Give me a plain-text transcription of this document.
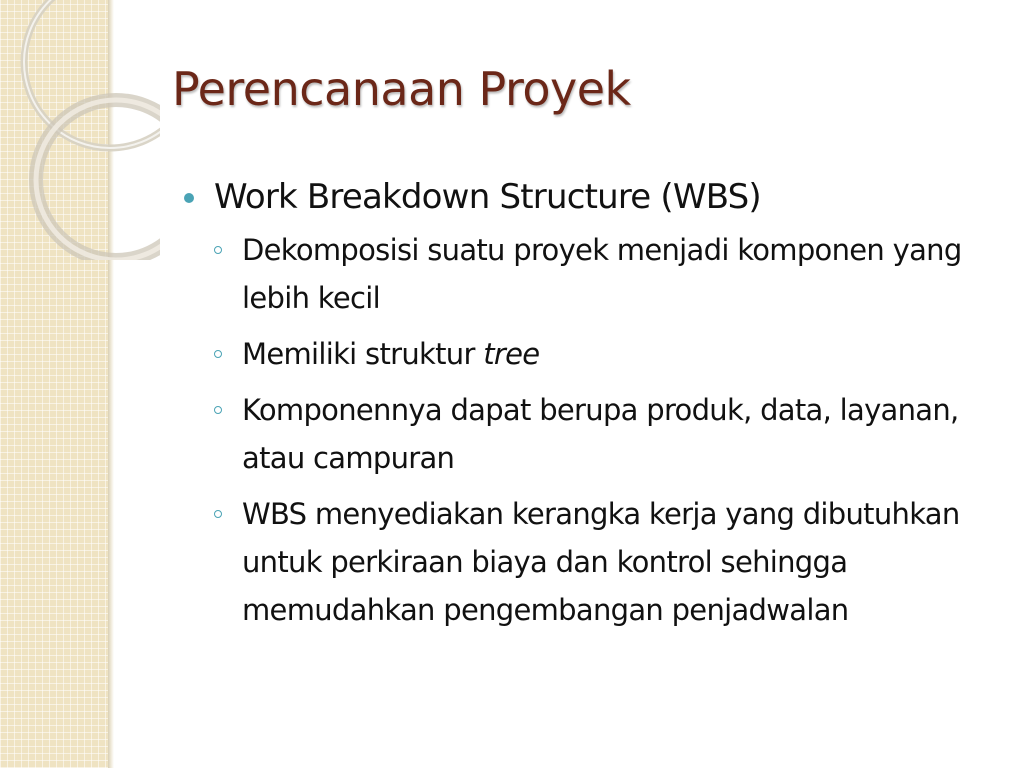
Perencanaan Proyek
Work Breakdown Structure (WBS)
Dekomposisi suatu proyek menjadi komponen yang lebih kecil
Memiliki struktur tree
Komponennya dapat berupa produk, data, layanan, atau campuran
WBS menyediakan kerangka kerja yang dibutuhkan untuk perkiraan biaya dan kontrol sehingga memudahkan pengembangan penjadwalan
